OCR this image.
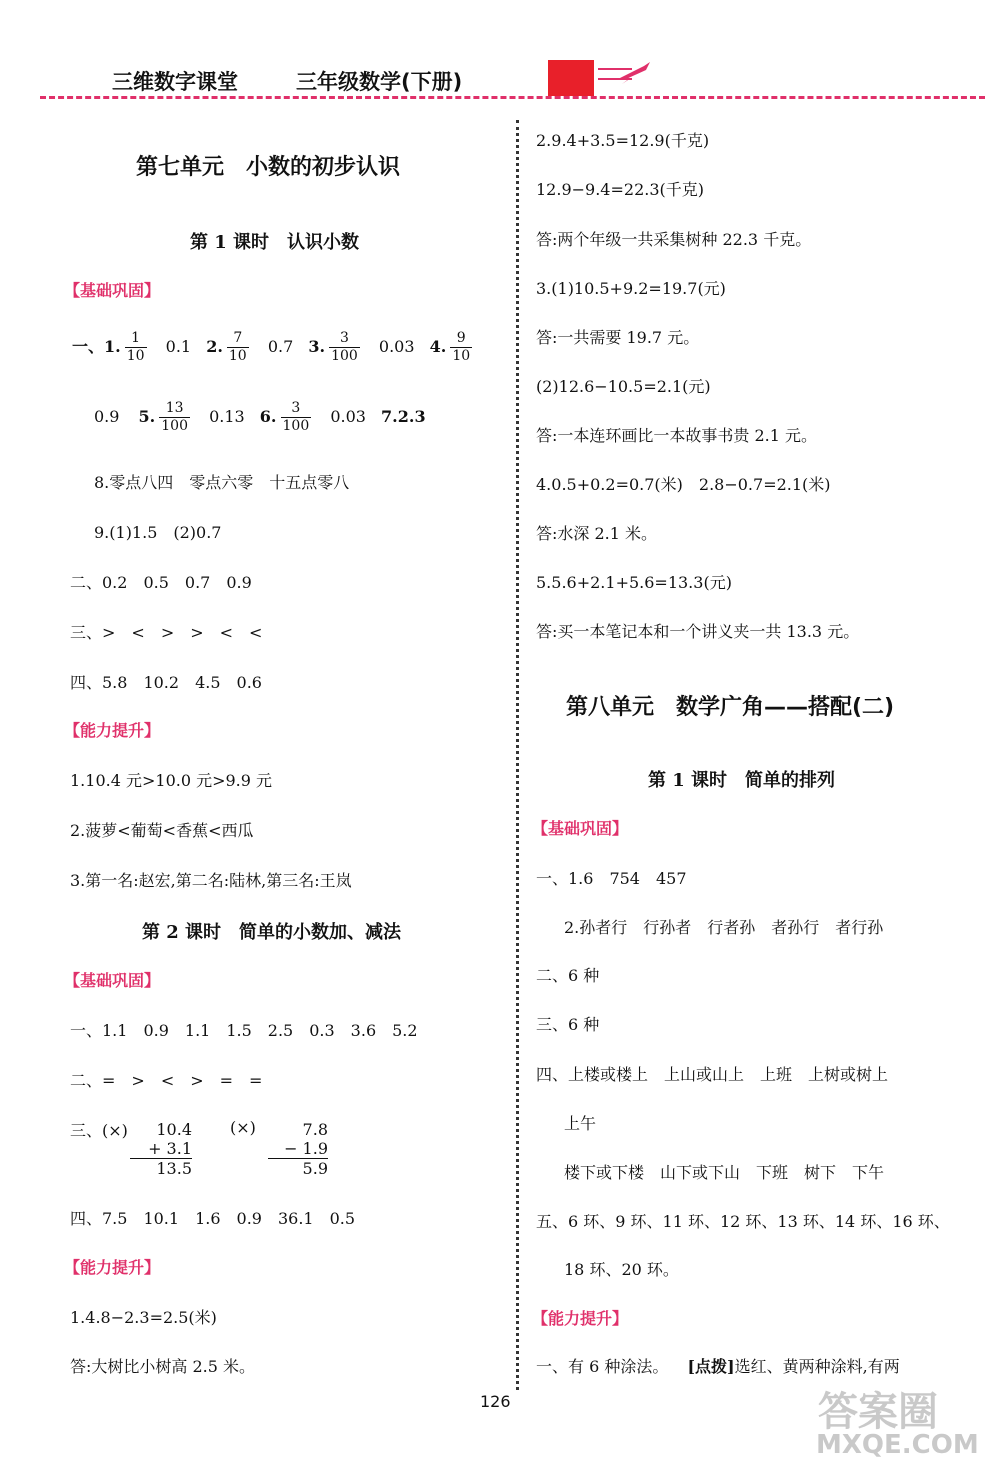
三维数字课堂	三年级数学(下册)
第七单元　小数的初步认识
第 1 课时　认识小数
【基础巩固】
一、1. $\frac{1}{10} 0.1$ 2. $\frac{7}{10} 0.7$ 3. $\frac{3}{100} 0.03$ 4. $\frac{9}{10}$
0.9 5. $\frac{13}{100} 0.13$ 6. $\frac{3}{100} 0.03$ 7.2.3
8.零点八四　零点六零　十五点零八
9.(1)1.5　(2)0.7
二、0.2　0.5　0.7　0.9
三、>　<　>　>　<　<
四、5.8　10.2　4.5　0.6
【能力提升】
1.10.4 元>10.0 元>9.9 元
2.菠萝<葡萄<香蕉<西瓜
3.第一名:赵宏,第二名:陆林,第三名:王岚
第 2 课时　简单的小数加、减法
【基础巩固】
一、1.1　0.9　1.1　1.5　2.5　0.3　3.6　5.2
二、=　>　<　>　=　=
三、(×)	10.4
+ 3.1
13.5
(×)	7.8
− 1.9
5.9
四、7.5　10.1　1.6　0.9　36.1　0.5
【能力提升】
1.4.8−2.3=2.5(米)
答:大树比小树高 2.5 米。
2.9.4+3.5=12.9(千克)
12.9−9.4=22.3(千克)
答:两个年级一共采集树种 22.3 千克。
3.(1)10.5+9.2=19.7(元)
答:一共需要 19.7 元。
(2)12.6−10.5=2.1(元)
答:一本连环画比一本故事书贵 2.1 元。
4.0.5+0.2=0.7(米)　2.8−0.7=2.1(米)
答:水深 2.1 米。
5.5.6+2.1+5.6=13.3(元)
答:买一本笔记本和一个讲义夹一共 13.3 元。
第八单元　数学广角——搭配(二)
第 1 课时　简单的排列
【基础巩固】
一、1.6　754　457
2.孙者行　行孙者　行者孙　者孙行　者行孙
二、6 种
三、6 种
四、上楼或楼上　上山或山上　上班　上树或树上
上午
楼下或下楼　山下或下山　下班　树下　下午
五、6 环、9 环、11 环、12 环、13 环、14 环、16 环、
18 环、20 环。
【能力提升】
一、有 6 种涂法。 [点拨]选红、黄两种涂料,有两
126	答案圈
MXQE.COM
